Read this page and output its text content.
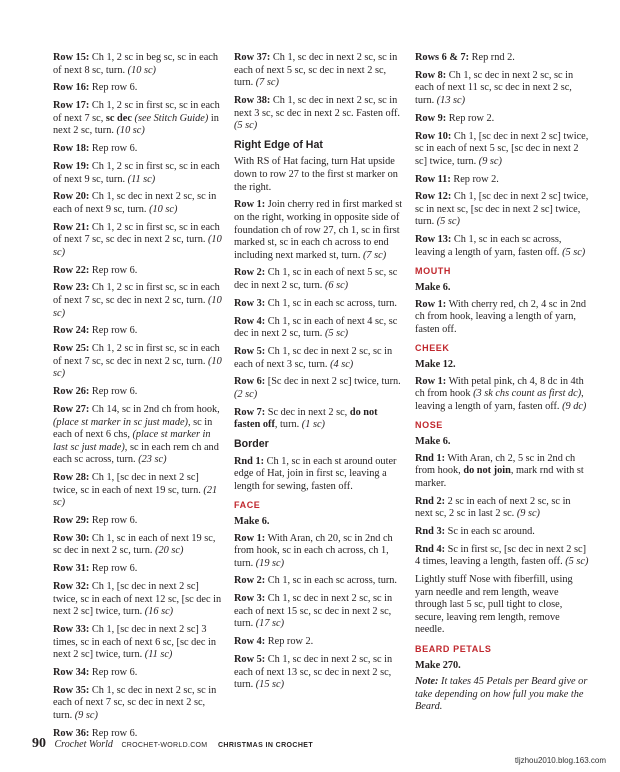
Row 15: Ch 1, 2 sc in beg sc, sc in each of next 8 sc, turn. (10 sc)

Row 16: Rep row 6.

Row 17: Ch 1, 2 sc in first sc, sc in each of next 7 sc, sc dec (see Stitch Guide) in next 2 sc, turn. (10 sc)

Row 18: Rep row 6.

Row 19: Ch 1, 2 sc in first sc, sc in each of next 9 sc, turn. (11 sc)

Row 20: Ch 1, sc dec in next 2 sc, sc in each of next 9 sc, turn. (10 sc)

Row 21: Ch 1, 2 sc in first sc, sc in each of next 7 sc, sc dec in next 2 sc, turn. (10 sc)

Row 22: Rep row 6.

Row 23: Ch 1, 2 sc in first sc, sc in each of next 7 sc, sc dec in next 2 sc, turn. (10 sc)

Row 24: Rep row 6.

Row 25: Ch 1, 2 sc in first sc, sc in each of next 7 sc, sc dec in next 2 sc, turn. (10 sc)

Row 26: Rep row 6.

Row 27: Ch 14, sc in 2nd ch from hook, (place st marker in sc just made), sc in each of next 6 chs, (place st marker in last sc just made), sc in each rem ch and each sc across, turn. (23 sc)

Row 28: Ch 1, [sc dec in next 2 sc] twice, sc in each of next 19 sc, turn. (21 sc)

Row 29: Rep row 6.

Row 30: Ch 1, sc in each of next 19 sc, sc dec in next 2 sc, turn. (20 sc)

Row 31: Rep row 6.

Row 32: Ch 1, [sc dec in next 2 sc] twice, sc in each of next 12 sc, [sc dec in next 2 sc] twice, turn. (16 sc)

Row 33: Ch 1, [sc dec in next 2 sc] 3 times, sc in each of next 6 sc, [sc dec in next 2 sc] twice, turn. (11 sc)

Row 34: Rep row 6.

Row 35: Ch 1, sc dec in next 2 sc, sc in each of next 7 sc, sc dec in next 2 sc, turn. (9 sc)

Row 36: Rep row 6.

Row 37: Ch 1, sc dec in next 2 sc, sc in each of next 5 sc, sc dec in next 2 sc, turn. (7 sc)

Row 38: Ch 1, sc dec in next 2 sc, sc in next 3 sc, sc dec in next 2 sc. Fasten off. (5 sc)

Right Edge of Hat

With RS of Hat facing, turn Hat upside down to row 27 to the first st marker on the right.

Row 1: Join cherry red in first marked st on the right, working in opposite side of foundation ch of row 27, ch 1, sc in first marked st, sc in each ch across to end including next marked st, turn. (7 sc)

Row 2: Ch 1, sc in each of next 5 sc, sc dec in next 2 sc, turn. (6 sc)

Row 3: Ch 1, sc in each sc across, turn.

Row 4: Ch 1, sc in each of next 4 sc, sc dec in next 2 sc, turn. (5 sc)

Row 5: Ch 1, sc dec in next 2 sc, sc in each of next 3 sc, turn. (4 sc)

Row 6: [Sc dec in next 2 sc] twice, turn. (2 sc)

Row 7: Sc dec in next 2 sc, do not fasten off, turn. (1 sc)

Border

Rnd 1: Ch 1, sc in each st around outer edge of Hat, join in first sc, leaving a length for sewing, fasten off.

FACE

Make 6.

Row 1: With Aran, ch 20, sc in 2nd ch from hook, sc in each ch across, ch 1, turn. (19 sc)

Row 2: Ch 1, sc in each sc across, turn.

Row 3: Ch 1, sc dec in next 2 sc, sc in each of next 15 sc, sc dec in next 2 sc, turn. (17 sc)

Row 4: Rep row 2.

Row 5: Ch 1, sc dec in next 2 sc, sc in each of next 13 sc, sc dec in next 2 sc, turn. (15 sc)

Rows 6 & 7: Rep rnd 2.

Row 8: Ch 1, sc dec in next 2 sc, sc in each of next 11 sc, sc dec in next 2 sc, turn. (13 sc)

Row 9: Rep row 2.

Row 10: Ch 1, [sc dec in next 2 sc] twice, sc in each of next 5 sc, [sc dec in next 2 sc] twice, turn. (9 sc)

Row 11: Rep row 2.

Row 12: Ch 1, [sc dec in next 2 sc] twice, sc in next sc, [sc dec in next 2 sc] twice, turn. (5 sc)

Row 13: Ch 1, sc in each sc across, leaving a length of yarn, fasten off. (5 sc)

MOUTH

Make 6.

Row 1: With cherry red, ch 2, 4 sc in 2nd ch from hook, leaving a length of yarn, fasten off.

CHEEK

Make 12.

Row 1: With petal pink, ch 4, 8 dc in 4th ch from hook (3 sk chs count as first dc), leaving a length of yarn, fasten off. (9 dc)

NOSE

Make 6.

Rnd 1: With Aran, ch 2, 5 sc in 2nd ch from hook, do not join, mark rnd with st marker.

Rnd 2: 2 sc in each of next 2 sc, sc in next sc, 2 sc in last 2 sc. (9 sc)

Rnd 3: Sc in each sc around.

Rnd 4: Sc in first sc, [sc dec in next 2 sc] 4 times, leaving a length, fasten off. (5 sc)

Lightly stuff Nose with fiberfill, using yarn needle and rem length, weave through last 5 sc, pull tight to close, secure, leaving rem length, remove needle.

BEARD PETALS

Make 270.

Note: It takes 45 Petals per Beard give or take depending on how full you make the Beard.

90 Crochet World CROCHET-WORLD.COM CHRISTMAS IN CROCHET
tljzhou2010.blog.163.com
